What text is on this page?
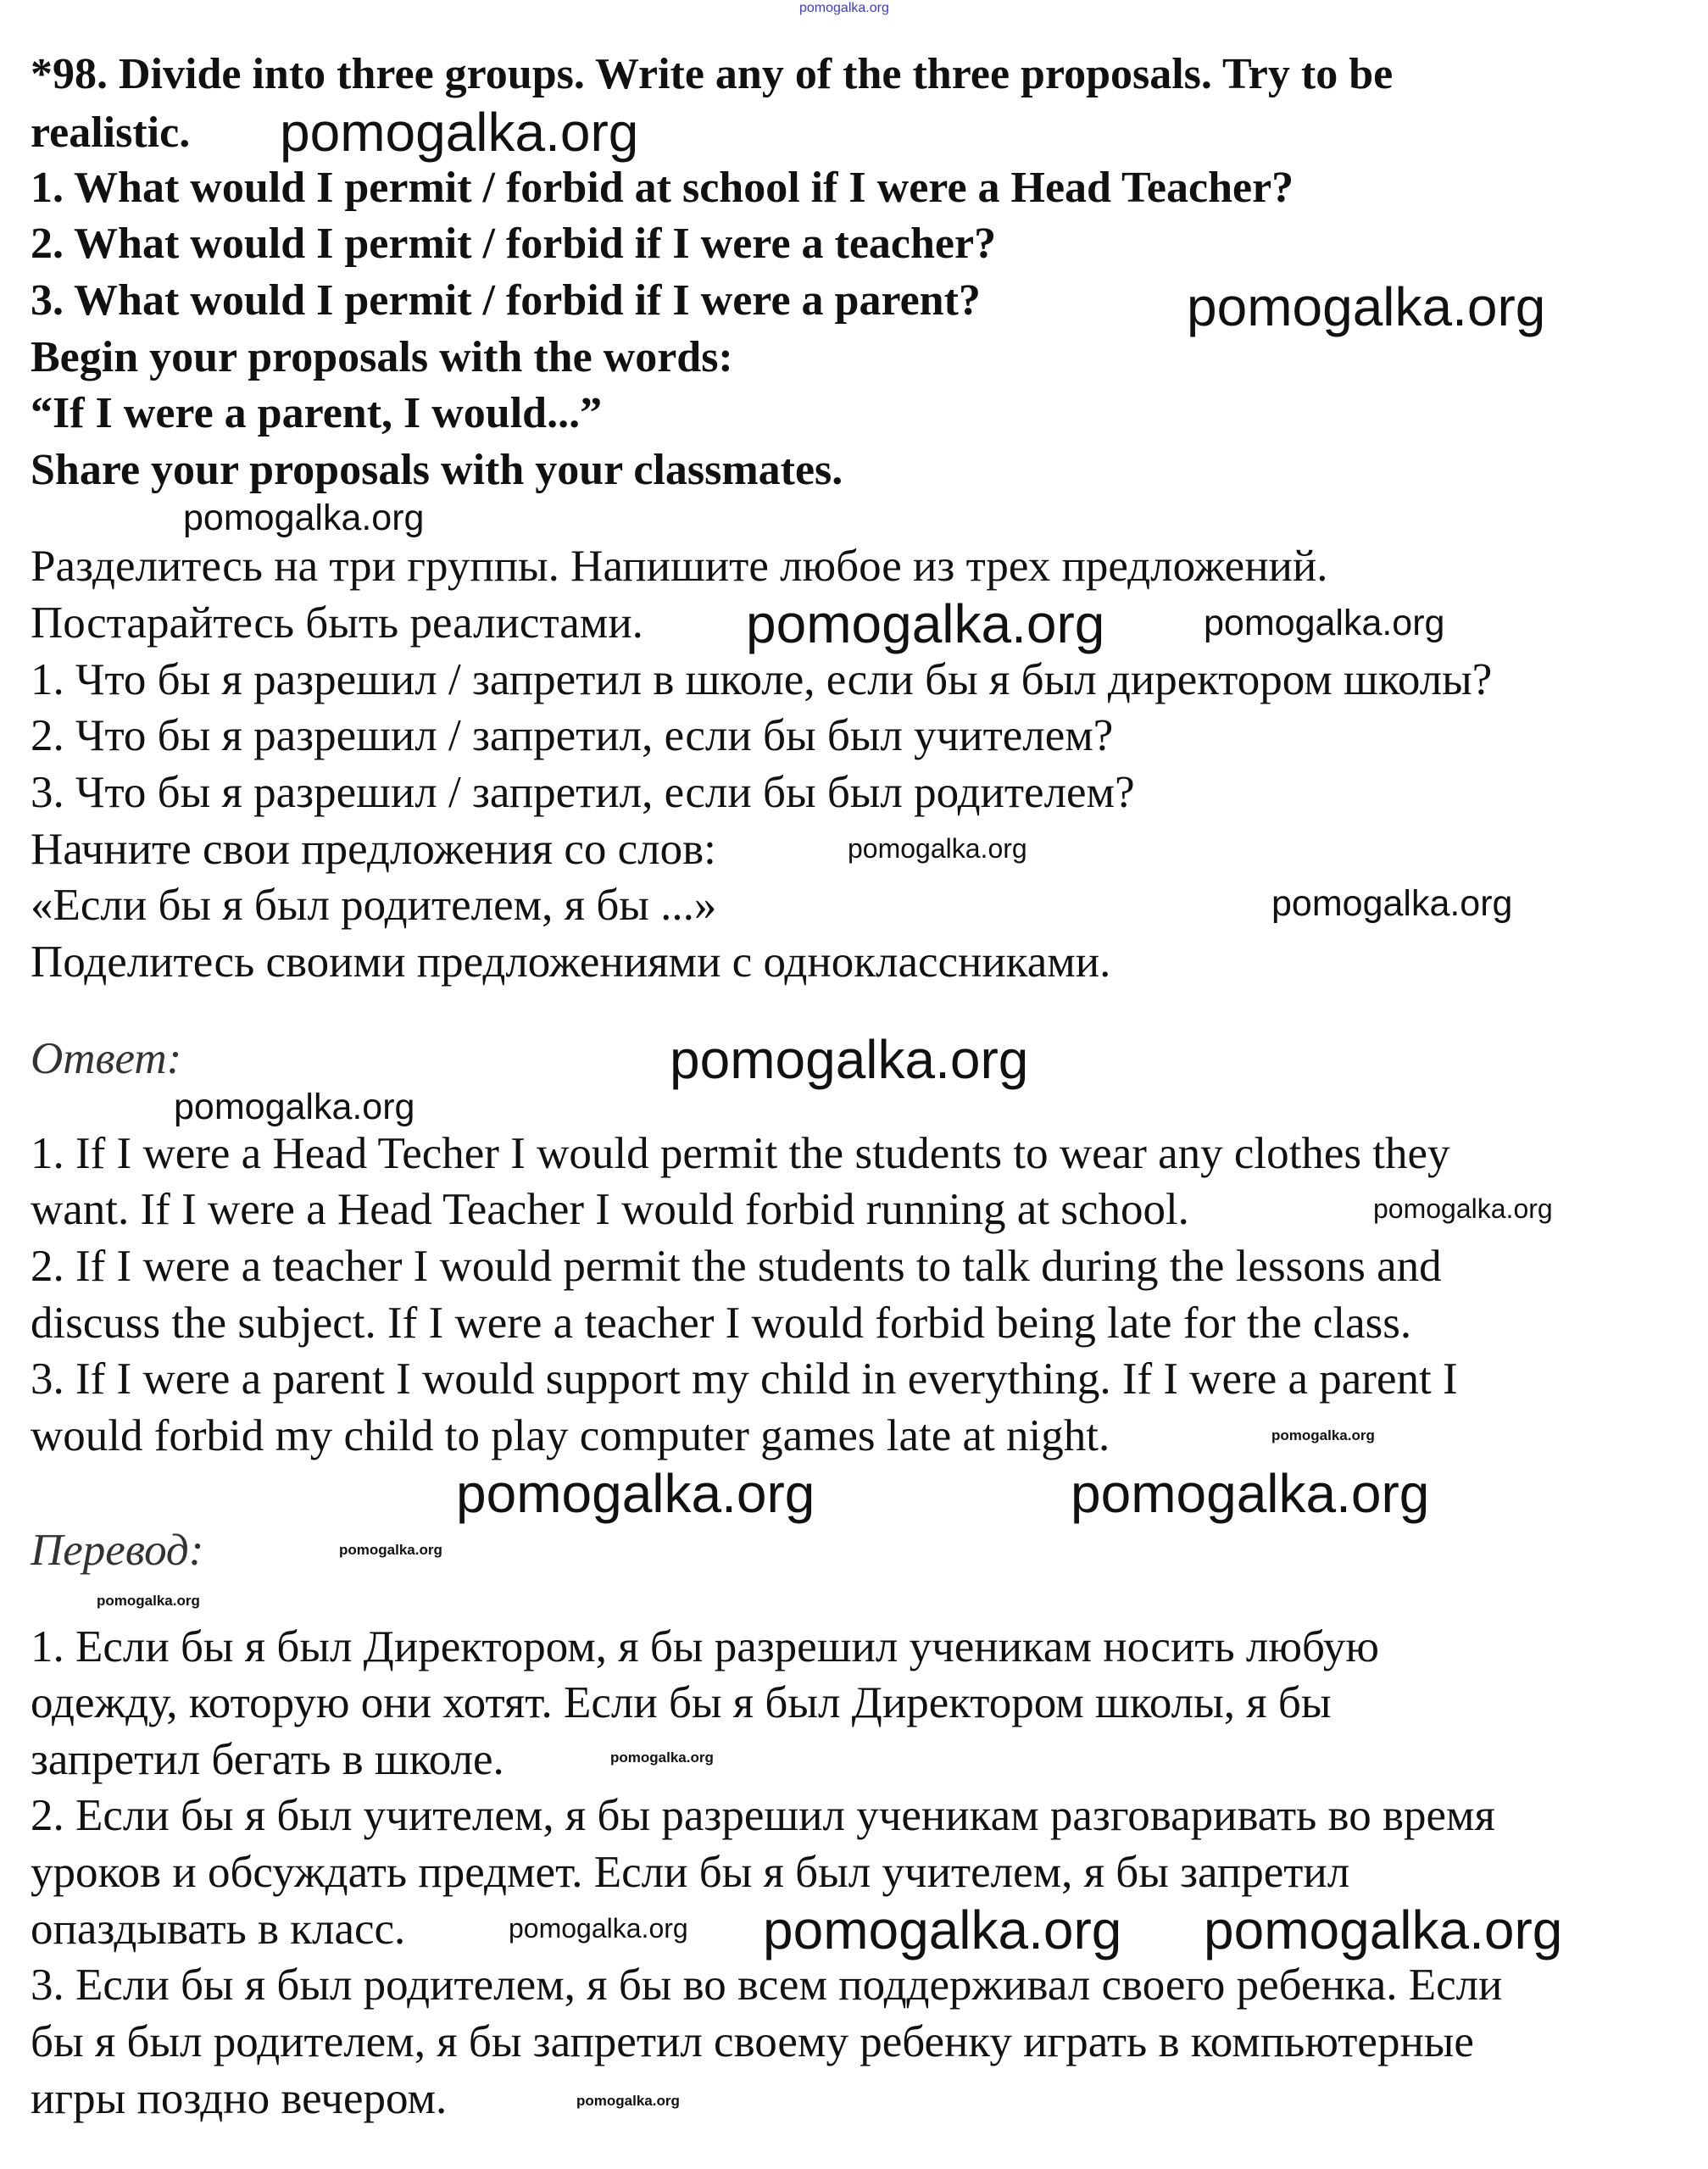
*98. Divide into three groups. Write any of the three proposals. Try to be
realistic.
1. What would I permit / forbid at school if I were a Head Teacher?
2. What would I permit / forbid if I were a teacher?
3. What would I permit / forbid if I were a parent?
Begin your proposals with the words:
“If I were a parent, I would...”
Share your proposals with your classmates.
Разделитесь на три группы. Напишите любое из трех предложений.
Постарайтесь быть реалистами.
1. Что бы я разрешил / запретил в школе, если бы я был директором школы?
2. Что бы я разрешил / запретил, если бы был учителем?
3. Что бы я разрешил / запретил, если бы был родителем?
Начните свои предложения со слов:
«Если бы я был родителем, я бы ...»
Поделитесь своими предложениями с одноклассниками.
Ответ:
1. If I were a Head Techer I would permit the students to wear any clothes they
want. If I were a Head Teacher I would forbid running at school.
2. If I were a teacher I would permit the students to talk during the lessons and
discuss the subject. If I were a teacher I would forbid being late for the class.
3. If I were a parent I would support my child in everything. If I were a parent I
would forbid my child to play computer games late at night.
Перевод:
1. Если бы я был Директором, я бы разрешил ученикам носить любую
одежду, которую они хотят. Если бы я был Директором школы, я бы
запретил бегать в школе.
2. Если бы я был учителем, я бы разрешил ученикам разговаривать во время
уроков и обсуждать предмет. Если бы я был учителем, я бы запретил
опаздывать в класс.
3. Если бы я был родителем, я бы во всем поддерживал своего ребенка. Если
бы я был родителем, я бы запретил своему ребенку играть в компьютерные
игры поздно вечером.
pomogalka.org
pomogalka.org
pomogalka.org
pomogalka.org
pomogalka.org	pomogalka.org
pomogalka.org
pomogalka.org
pomogalka.org
pomogalka.org
pomogalka.org
pomogalka.org
pomogalka.org	pomogalka.org
pomogalka.org
pomogalka.org
pomogalka.org
pomogalka.org pomogalka.org pomogalka.org
pomogalka.org
